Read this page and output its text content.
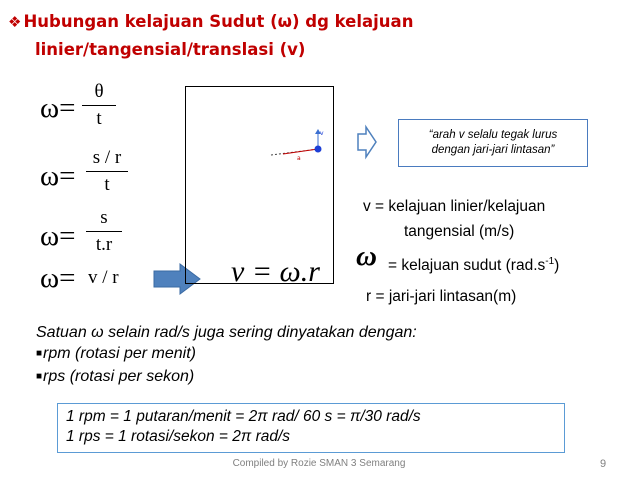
❖ Hubungan kelajuan Sudut (ω) dg kelajuan
linier/tangensial/translasi (v)
ω=
θ
t
ω=
s / r
t
ω=
s
t.r
ω= v / r
v
a
“arah v selalu tegak lurus
dengan jari-jari lintasan”
v = ω.r
v = kelajuan linier/kelajuan
tangensial (m/s)
ω = kelajuan sudut $(rad.s^{-1})$
r = jari-jari lintasan(m)
Satuan ω selain rad/s juga sering dinyatakan dengan:
■rpm (rotasi per menit)
■rps (rotasi per sekon)
1 rpm = 1 putaran/menit = 2π rad/ 60 s = π/30 rad/s
1 rps = 1 rotasi/sekon = 2π rad/s
Compiled by Rozie SMAN 3 Semarang	9
